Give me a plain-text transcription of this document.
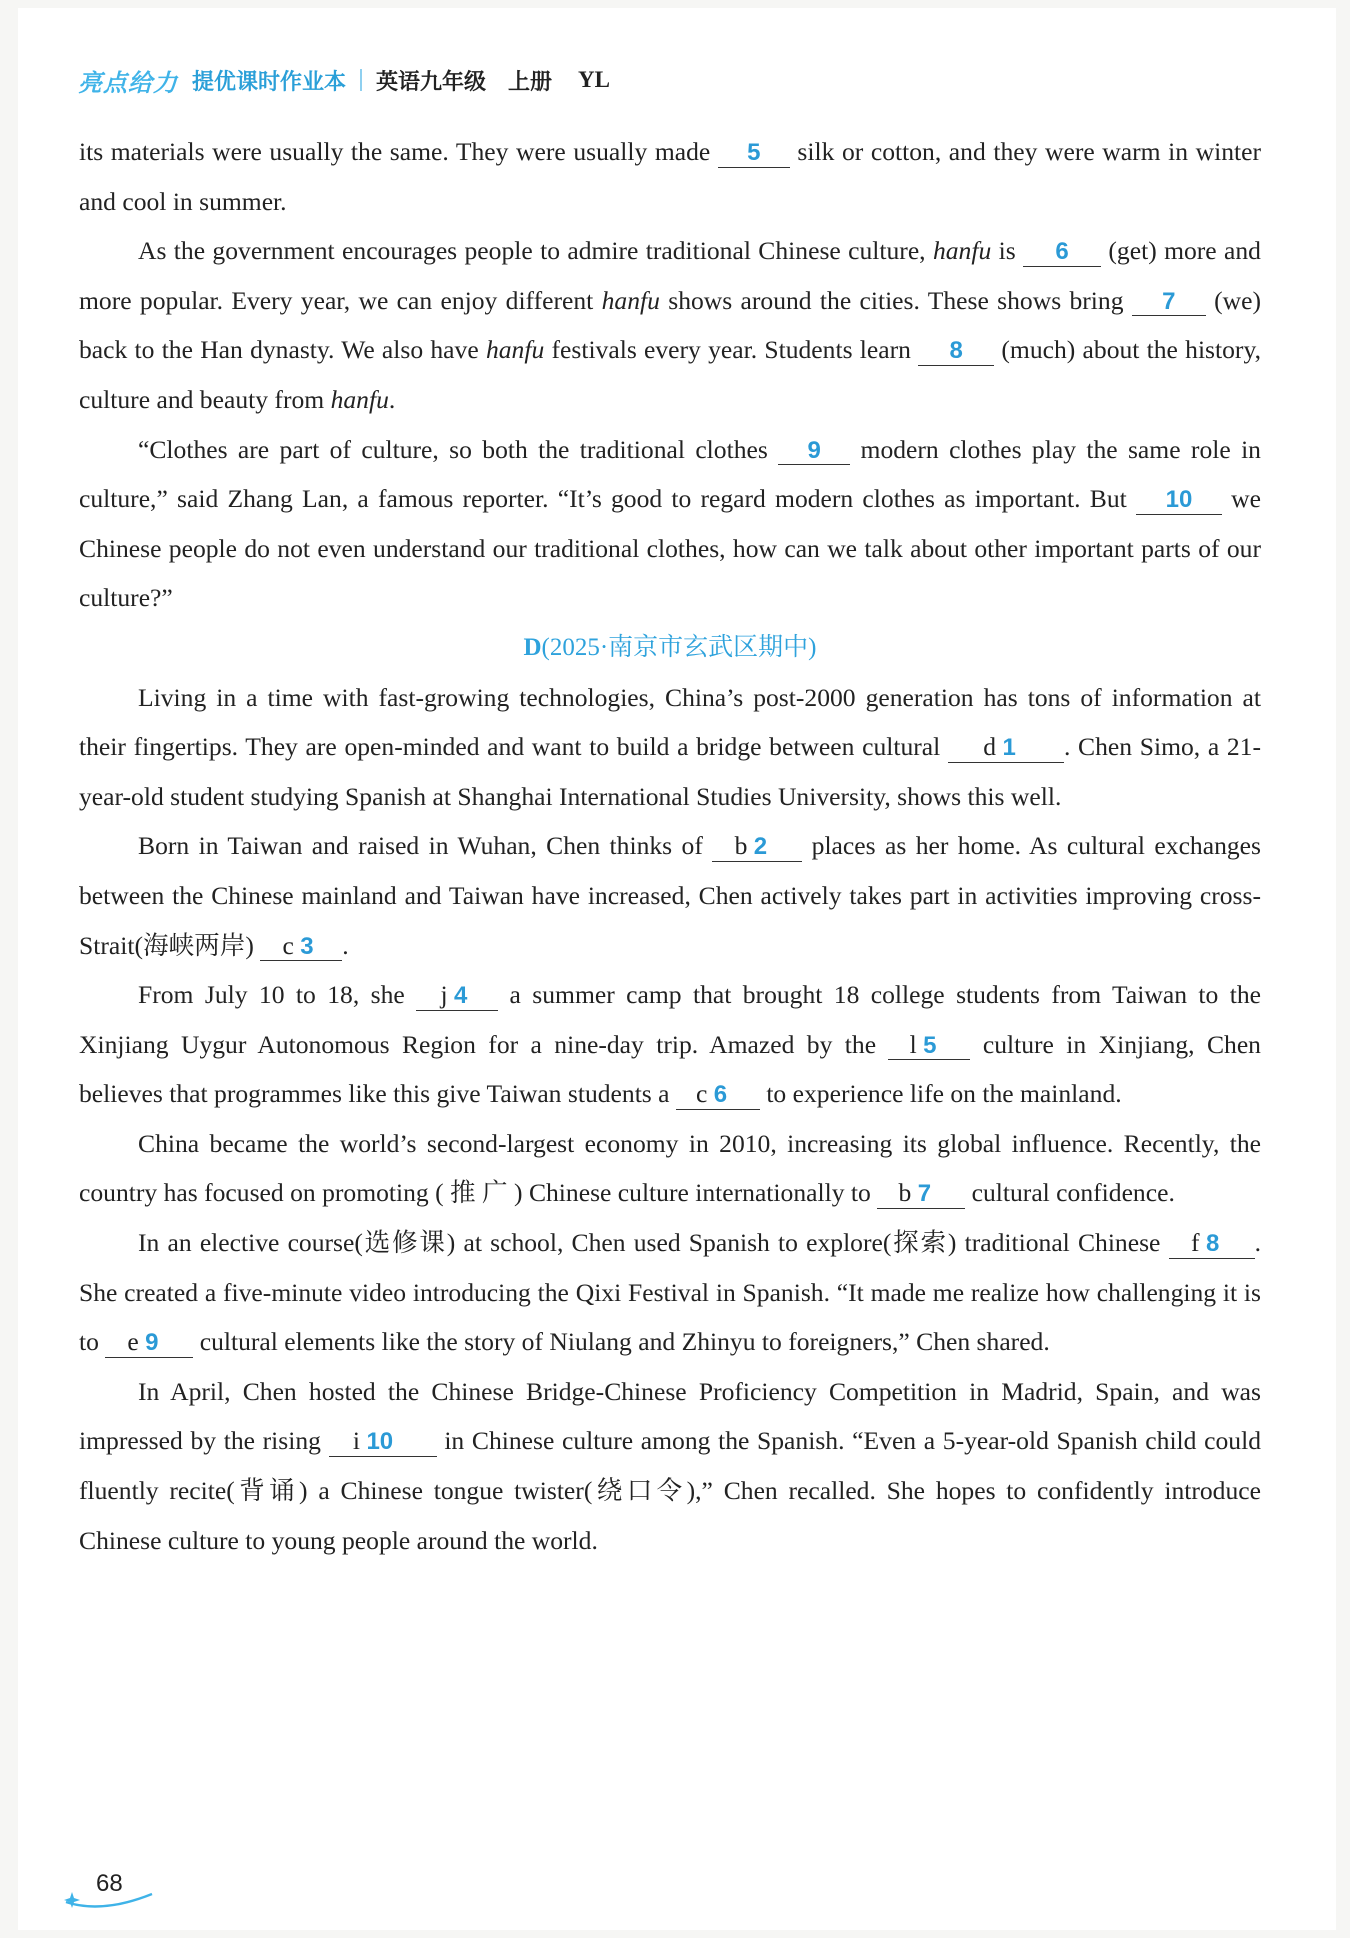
亮点给力 提优课时作业本 英语九年级 上册 YL

its materials were usually the same. They were usually made 5 silk or cotton, and they were warm in winter and cool in summer.

As the government encourages people to admire traditional Chinese culture, hanfu is 6 (get) more and more popular. Every year, we can enjoy different hanfu shows around the cities. These shows bring 7 (we) back to the Han dynasty. We also have hanfu festivals every year. Students learn 8 (much) about the history, culture and beauty from hanfu.

“Clothes are part of culture, so both the traditional clothes 9 modern clothes play the same role in culture,” said Zhang Lan, a famous reporter. “It’s good to regard modern clothes as important. But 10 we Chinese people do not even understand our traditional clothes, how can we talk about other important parts of our culture?”

D(2025·南京市玄武区期中)

Living in a time with fast-growing technologies, China’s post-2000 generation has tons of information at their fingertips. They are open-minded and want to build a bridge between cultural d 1 . Chen Simo, a 21-year-old student studying Spanish at Shanghai International Studies University, shows this well.

Born in Taiwan and raised in Wuhan, Chen thinks of b 2   places as her home. As cultural exchanges between the Chinese mainland and Taiwan have increased, Chen actively takes part in activities improving cross-Strait(海峡两岸) c 3 .

From July 10 to 18, she j 4  a summer camp that brought 18 college students from Taiwan to the Xinjiang Uygur Autonomous Region for a nine-day trip. Amazed by the l 5   culture in Xinjiang, Chen believes that programmes like this give Taiwan students a c 6   to experience life on the mainland.

China became the world’s second-largest economy in 2010, increasing its global influence. Recently, the country has focused on promoting ( 推 广 ) Chinese culture internationally to b 7   cultural confidence.

In an elective course(选修课) at school, Chen used Spanish to explore(探索) traditional Chinese f 8 . She created a five-minute video introducing the Qixi Festival in Spanish. “It made me realize how challenging it is to e 9   cultural elements like the story of Niulang and Zhinyu to foreigners,” Chen shared.

In April, Chen hosted the Chinese Bridge-Chinese Proficiency Competition in Madrid, Spain, and was impressed by the rising i 10    in Chinese culture among the Spanish. “Even a 5-year-old Spanish child could fluently recite(背诵) a Chinese tongue twister(绕口令),” Chen recalled. She hopes to confidently introduce Chinese culture to young people around the world.

68
